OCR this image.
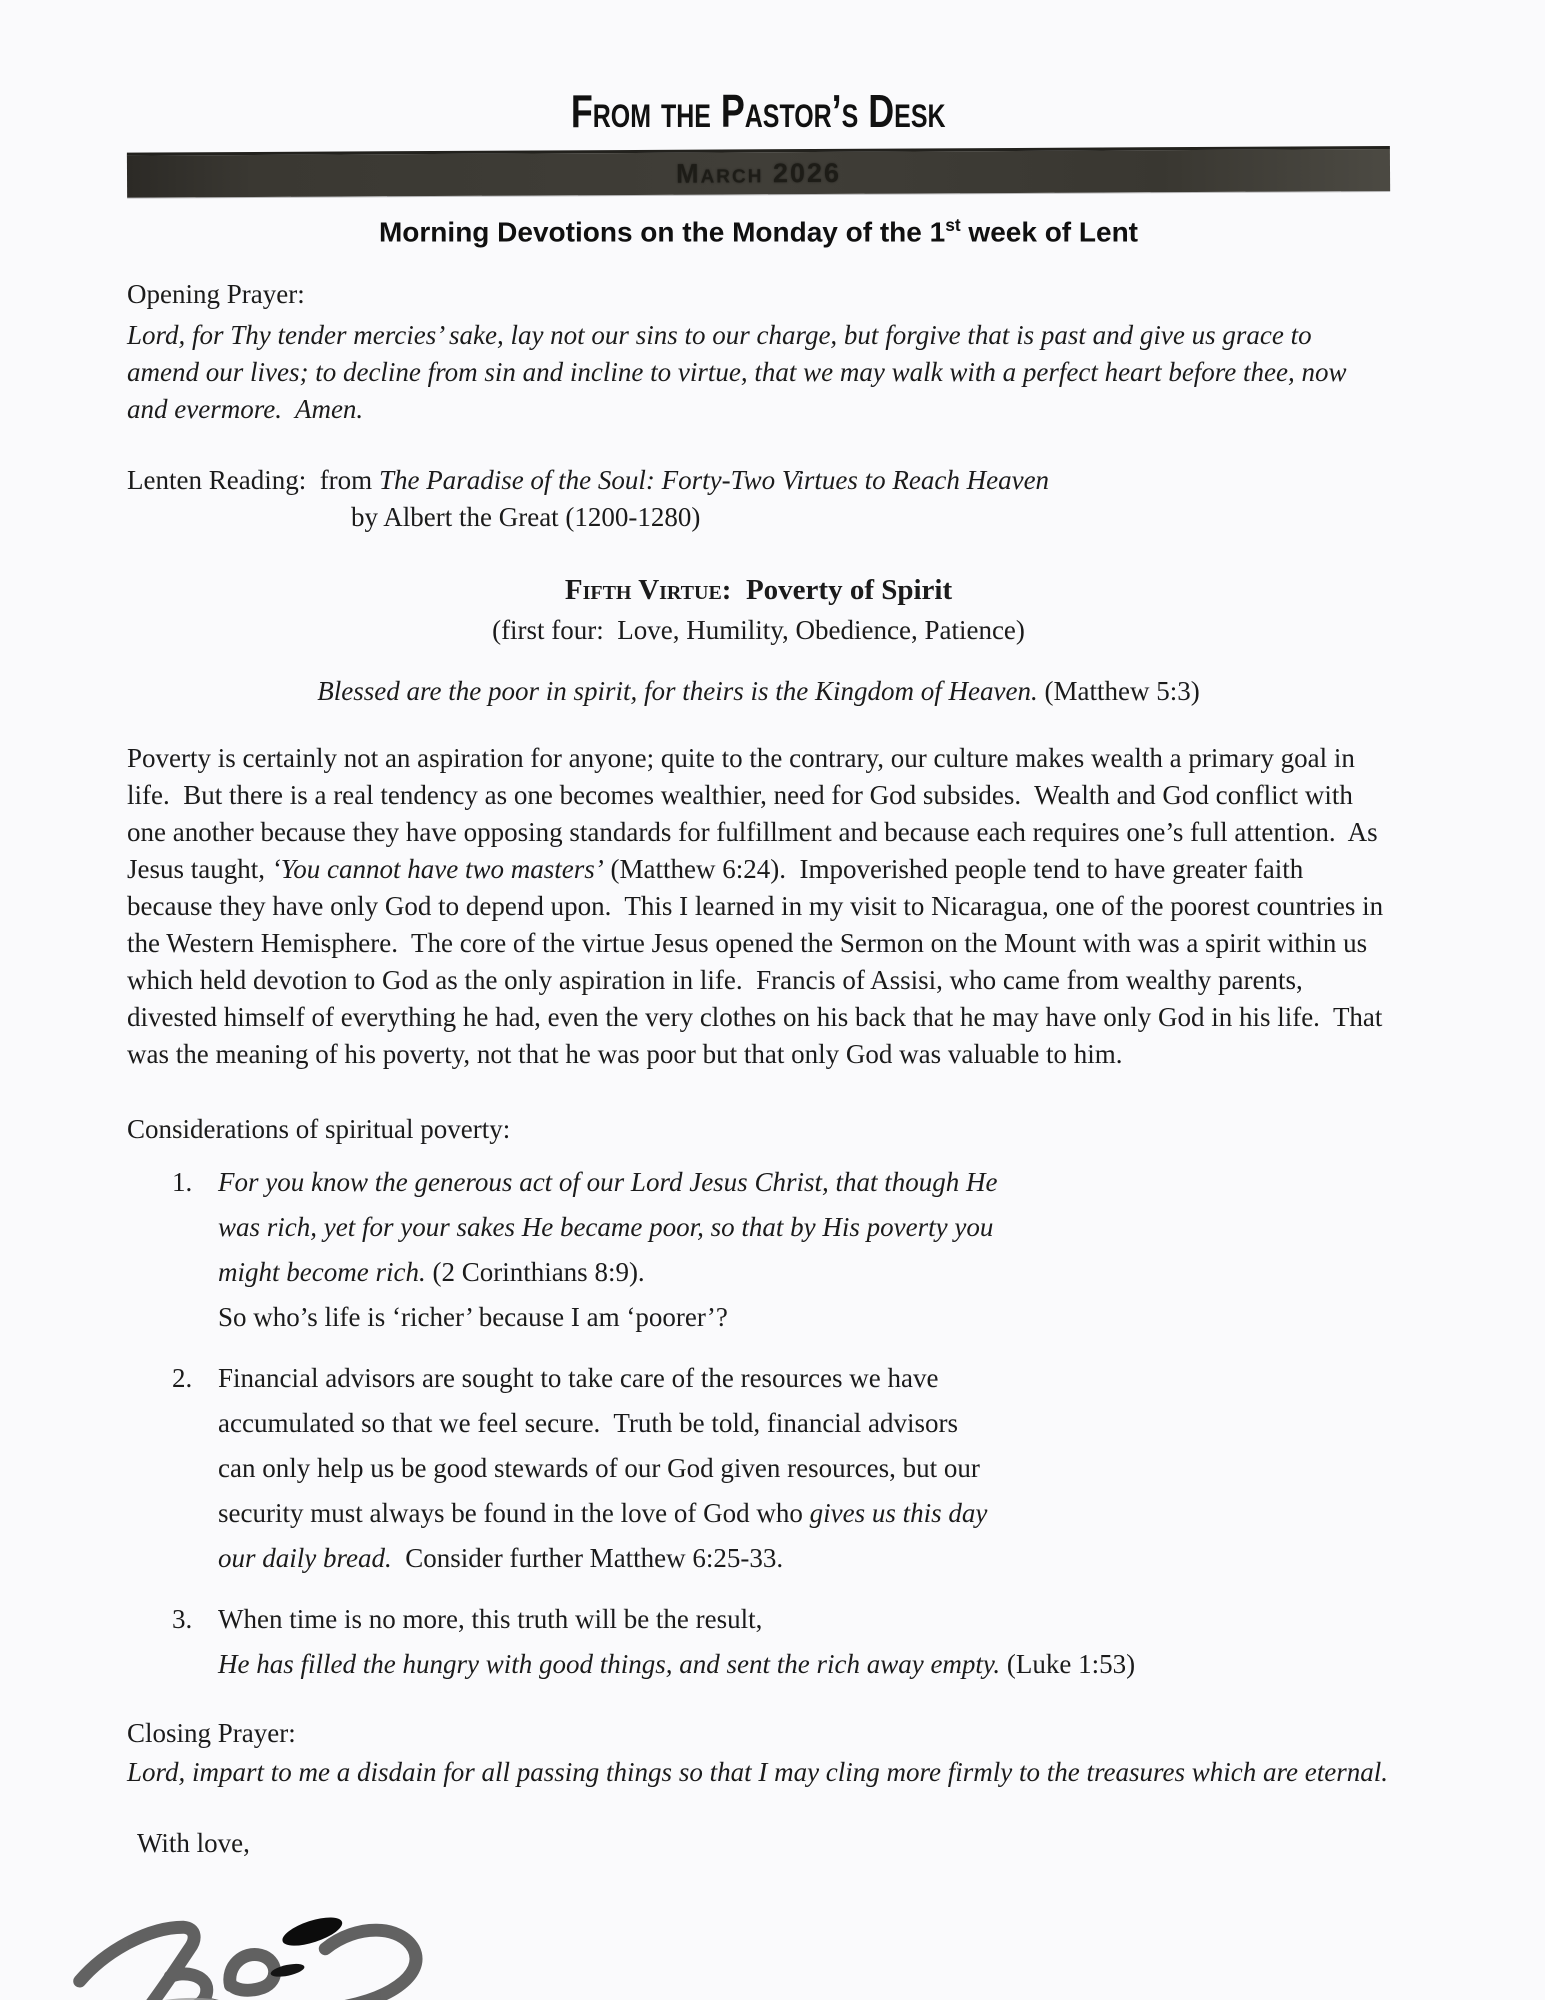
From the Pastor’s Desk
March 2026
Morning Devotions on the Monday of the 1st week of Lent
Opening Prayer:
Lord, for Thy tender mercies’ sake, lay not our sins to our charge, but forgive that is past and give us grace to amend our lives; to decline from sin and incline to virtue, that we may walk with a perfect heart before thee, now and evermore.  Amen.
Lenten Reading:  from The Paradise of the Soul: Forty-Two Virtues to Reach Heaven
by Albert the Great (1200-1280)
Fifth Virtue: Poverty of Spirit
(first four:  Love, Humility, Obedience, Patience)
Blessed are the poor in spirit, for theirs is the Kingdom of Heaven. (Matthew 5:3)
Poverty is certainly not an aspiration for anyone; quite to the contrary, our culture makes wealth a primary goal in life.  But there is a real tendency as one becomes wealthier, need for God subsides.  Wealth and God conflict with one another because they have opposing standards for fulfillment and because each requires one’s full attention.  As Jesus taught, ‘You cannot have two masters’ (Matthew 6:24).  Impoverished people tend to have greater faith because they have only God to depend upon.  This I learned in my visit to Nicaragua, one of the poorest countries in the Western Hemisphere.  The core of the virtue Jesus opened the Sermon on the Mount with was a spirit within us which held devotion to God as the only aspiration in life.  Francis of Assisi, who came from wealthy parents, divested himself of everything he had, even the very clothes on his back that he may have only God in his life.  That was the meaning of his poverty, not that he was poor but that only God was valuable to him.
Considerations of spiritual poverty:
1. For you know the generous act of our Lord Jesus Christ, that though He
was rich, yet for your sakes He became poor, so that by His poverty you
might become rich. (2 Corinthians 8:9).
So who’s life is ‘richer’ because I am ‘poorer’?
2. Financial advisors are sought to take care of the resources we have
accumulated so that we feel secure.  Truth be told, financial advisors
can only help us be good stewards of our God given resources, but our
security must always be found in the love of God who gives us this day
our daily bread.  Consider further Matthew 6:25-33.
3. When time is no more, this truth will be the result,
He has filled the hungry with good things, and sent the rich away empty. (Luke 1:53)
Closing Prayer:
Lord, impart to me a disdain for all passing things so that I may cling more firmly to the treasures which are eternal.
With love,
